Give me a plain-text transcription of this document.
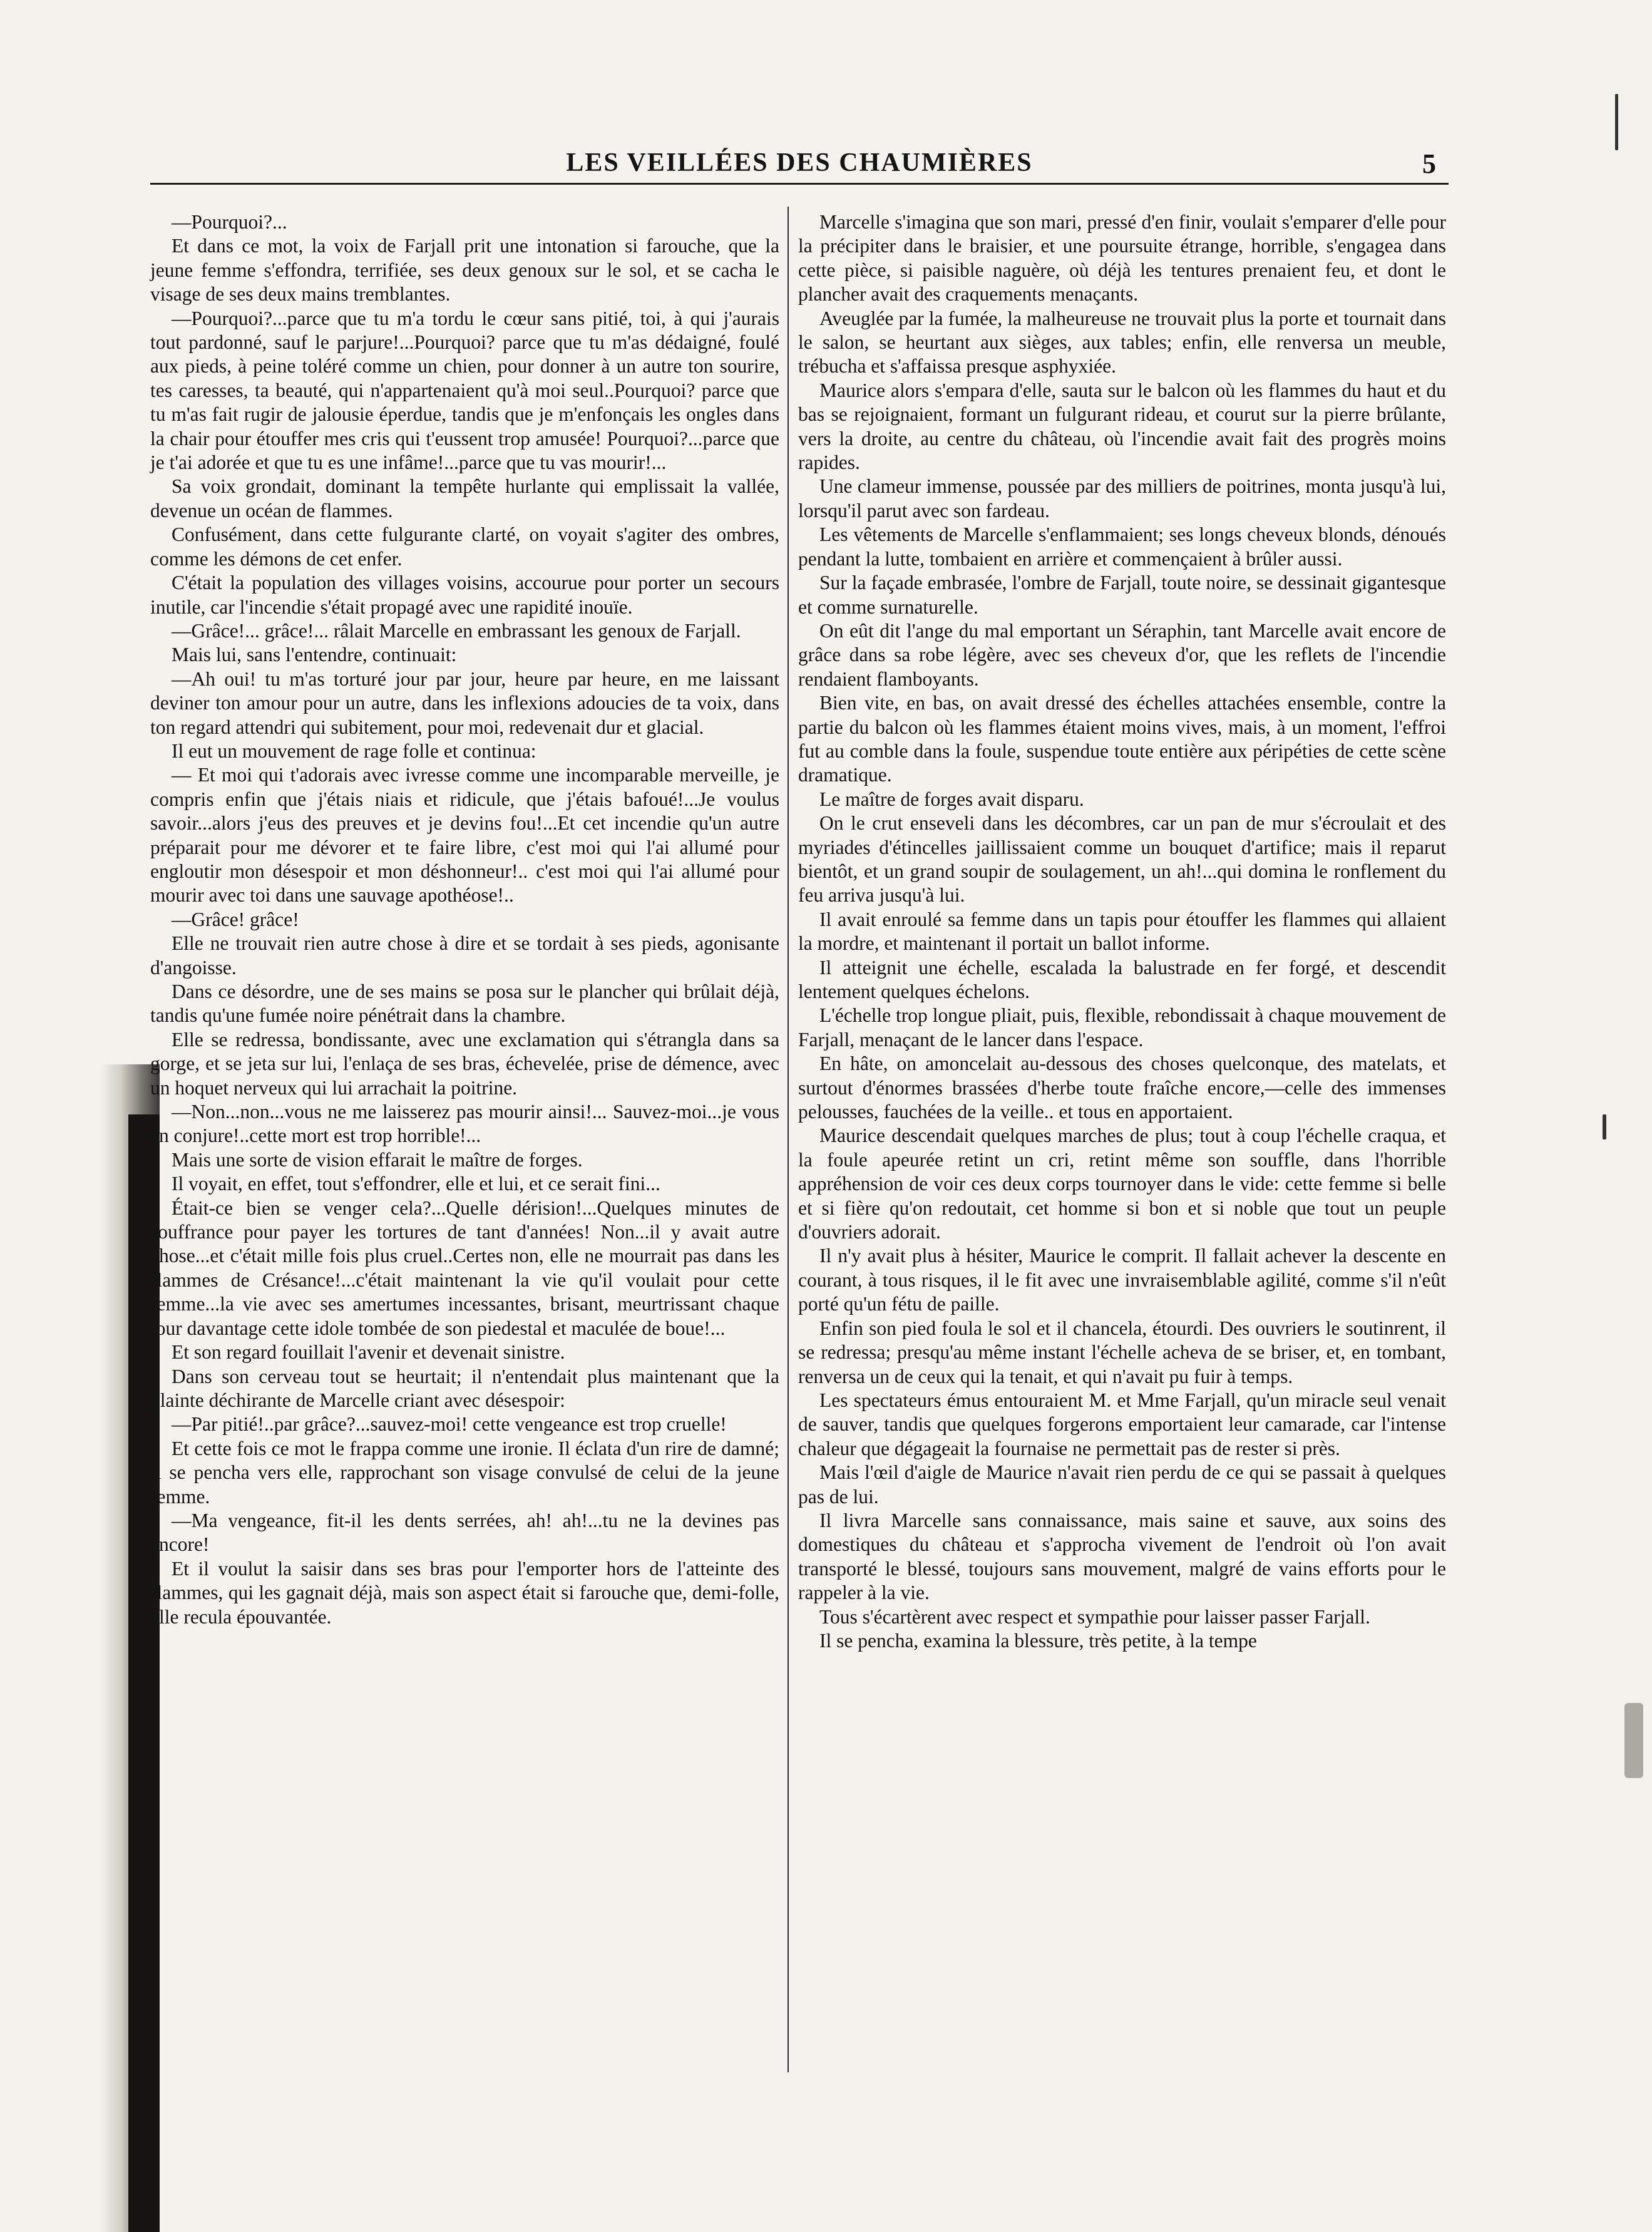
LES VEILLÉES DES CHAUMIÈRES	5

—Pourquoi?...

Et dans ce mot, la voix de Farjall prit une intonation si farouche, que la jeune femme s'effondra, terrifiée, ses deux genoux sur le sol, et se cacha le visage de ses deux mains tremblantes.

—Pourquoi?...parce que tu m'a tordu le cœur sans pitié, toi, à qui j'aurais tout pardonné, sauf le parjure!...Pourquoi? parce que tu m'as dédaigné, foulé aux pieds, à peine toléré comme un chien, pour donner à un autre ton sourire, tes caresses, ta beauté, qui n'appartenaient qu'à moi seul..Pourquoi? parce que tu m'as fait rugir de jalousie éperdue, tandis que je m'enfonçais les ongles dans la chair pour étouffer mes cris qui t'eussent trop amusée! Pourquoi?...parce que je t'ai adorée et que tu es une infâme!...parce que tu vas mourir!...

Sa voix grondait, dominant la tempête hurlante qui emplissait la vallée, devenue un océan de flammes.

Confusément, dans cette fulgurante clarté, on voyait s'agiter des ombres, comme les démons de cet enfer.

C'était la population des villages voisins, accourue pour porter un secours inutile, car l'incendie s'était propagé avec une rapidité inouïe.

—Grâce!... grâce!... râlait Marcelle en embrassant les genoux de Farjall.

Mais lui, sans l'entendre, continuait:

—Ah oui! tu m'as torturé jour par jour, heure par heure, en me laissant deviner ton amour pour un autre, dans les inflexions adoucies de ta voix, dans ton regard attendri qui subitement, pour moi, redevenait dur et glacial.

Il eut un mouvement de rage folle et continua:

— Et moi qui t'adorais avec ivresse comme une incomparable merveille, je compris enfin que j'étais niais et ridicule, que j'étais bafoué!...Je voulus savoir...alors j'eus des preuves et je devins fou!...Et cet incendie qu'un autre préparait pour me dévorer et te faire libre, c'est moi qui l'ai allumé pour engloutir mon désespoir et mon déshonneur!.. c'est moi qui l'ai allumé pour mourir avec toi dans une sauvage apothéose!..

—Grâce! grâce!

Elle ne trouvait rien autre chose à dire et se tordait à ses pieds, agonisante d'angoisse.

Dans ce désordre, une de ses mains se posa sur le plancher qui brûlait déjà, tandis qu'une fumée noire pénétrait dans la chambre.

Elle se redressa, bondissante, avec une exclamation qui s'étrangla dans sa gorge, et se jeta sur lui, l'enlaça de ses bras, échevelée, prise de démence, avec un hoquet nerveux qui lui arrachait la poitrine.

—Non...non...vous ne me laisserez pas mourir ainsi!... Sauvez-moi...je vous en conjure!..cette mort est trop horrible!...

Mais une sorte de vision effarait le maître de forges.

Il voyait, en effet, tout s'effondrer, elle et lui, et ce serait fini...

Était-ce bien se venger cela?...Quelle dérision!...Quelques minutes de souffrance pour payer les tortures de tant d'années! Non...il y avait autre chose...et c'était mille fois plus cruel..Certes non, elle ne mourrait pas dans les flammes de Crésance!...c'était maintenant la vie qu'il voulait pour cette femme...la vie avec ses amertumes incessantes, brisant, meurtrissant chaque jour davantage cette idole tombée de son piedestal et maculée de boue!...

Et son regard fouillait l'avenir et devenait sinistre.

Dans son cerveau tout se heurtait; il n'entendait plus maintenant que la plainte déchirante de Marcelle criant avec désespoir:

—Par pitié!..par grâce?...sauvez-moi! cette vengeance est trop cruelle!

Et cette fois ce mot le frappa comme une ironie. Il éclata d'un rire de damné; il se pencha vers elle, rapprochant son visage convulsé de celui de la jeune femme.

—Ma vengeance, fit-il les dents serrées, ah! ah!...tu ne la devines pas encore!

Et il voulut la saisir dans ses bras pour l'emporter hors de l'atteinte des flammes, qui les gagnait déjà, mais son aspect était si farouche que, demi-folle, elle recula épouvantée.

Marcelle s'imagina que son mari, pressé d'en finir, voulait s'emparer d'elle pour la précipiter dans le braisier, et une poursuite étrange, horrible, s'engagea dans cette pièce, si paisible naguère, où déjà les tentures prenaient feu, et dont le plancher avait des craquements menaçants.

Aveuglée par la fumée, la malheureuse ne trouvait plus la porte et tournait dans le salon, se heurtant aux sièges, aux tables; enfin, elle renversa un meuble, trébucha et s'affaissa presque asphyxiée.

Maurice alors s'empara d'elle, sauta sur le balcon où les flammes du haut et du bas se rejoignaient, formant un fulgurant rideau, et courut sur la pierre brûlante, vers la droite, au centre du château, où l'incendie avait fait des progrès moins rapides.

Une clameur immense, poussée par des milliers de poitrines, monta jusqu'à lui, lorsqu'il parut avec son fardeau.

Les vêtements de Marcelle s'enflammaient; ses longs cheveux blonds, dénoués pendant la lutte, tombaient en arrière et commençaient à brûler aussi.

Sur la façade embrasée, l'ombre de Farjall, toute noire, se dessinait gigantesque et comme surnaturelle.

On eût dit l'ange du mal emportant un Séraphin, tant Marcelle avait encore de grâce dans sa robe légère, avec ses cheveux d'or, que les reflets de l'incendie rendaient flamboyants.

Bien vite, en bas, on avait dressé des échelles attachées ensemble, contre la partie du balcon où les flammes étaient moins vives, mais, à un moment, l'effroi fut au comble dans la foule, suspendue toute entière aux péripéties de cette scène dramatique.

Le maître de forges avait disparu.

On le crut enseveli dans les décombres, car un pan de mur s'écroulait et des myriades d'étincelles jaillissaient comme un bouquet d'artifice; mais il reparut bientôt, et un grand soupir de soulagement, un ah!...qui domina le ronflement du feu arriva jusqu'à lui.

Il avait enroulé sa femme dans un tapis pour étouffer les flammes qui allaient la mordre, et maintenant il portait un ballot informe.

Il atteignit une échelle, escalada la balustrade en fer forgé, et descendit lentement quelques échelons.

L'échelle trop longue pliait, puis, flexible, rebondissait à chaque mouvement de Farjall, menaçant de le lancer dans l'espace.

En hâte, on amoncelait au-dessous des choses quelconque, des matelats, et surtout d'énormes brassées d'herbe toute fraîche encore,—celle des immenses pelousses, fauchées de la veille.. et tous en apportaient.

Maurice descendait quelques marches de plus; tout à coup l'échelle craqua, et la foule apeurée retint un cri, retint même son souffle, dans l'horrible appréhension de voir ces deux corps tournoyer dans le vide: cette femme si belle et si fière qu'on redoutait, cet homme si bon et si noble que tout un peuple d'ouvriers adorait.

Il n'y avait plus à hésiter, Maurice le comprit. Il fallait achever la descente en courant, à tous risques, il le fit avec une invraisemblable agilité, comme s'il n'eût porté qu'un fétu de paille.

Enfin son pied foula le sol et il chancela, étourdi. Des ouvriers le soutinrent, il se redressa; presqu'au même instant l'échelle acheva de se briser, et, en tombant, renversa un de ceux qui la tenait, et qui n'avait pu fuir à temps.

Les spectateurs émus entouraient M. et Mme Farjall, qu'un miracle seul venait de sauver, tandis que quelques forgerons emportaient leur camarade, car l'intense chaleur que dégageait la fournaise ne permettait pas de rester si près.

Mais l'œil d'aigle de Maurice n'avait rien perdu de ce qui se passait à quelques pas de lui.

Il livra Marcelle sans connaissance, mais saine et sauve, aux soins des domestiques du château et s'approcha vivement de l'endroit où l'on avait transporté le blessé, toujours sans mouvement, malgré de vains efforts pour le rappeler à la vie.

Tous s'écartèrent avec respect et sympathie pour laisser passer Farjall.

Il se pencha, examina la blessure, très petite, à la tempe
